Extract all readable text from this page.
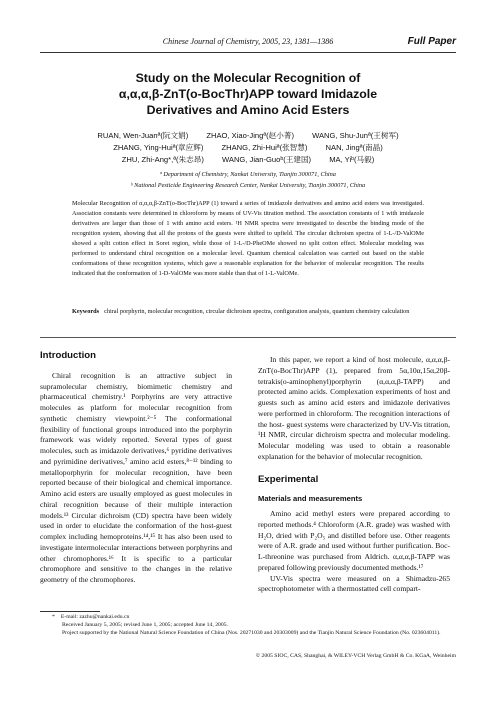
Chinese Journal of Chemistry, 2005, 23, 1381—1386	Full Paper
Study on the Molecular Recognition of
α,α,α,β-ZnT(o-BocThr)APP toward Imidazole
Derivatives and Amino Acid Esters
RUAN, Wen-Juanª(阮文娟) ZHAO, Xiao-Jingª(赵小菁) WANG, Shu-Junª(王树军)
ZHANG, Ying-Huiª(章应辉) ZHANG, Zhi-Huiª(张智慧) NAN, Jingª(南晶)
ZHU, Zhi-Ang*,ª(朱志昂) WANG, Jian-Guoᵇ(王建国) MA, Yiᵇ(马毅)
ª Department of Chemistry, Nankai University, Tianjin 300071, China
ᵇ National Pesticide Engineering Research Center, Nankai University, Tianjin 300071, China

Molecular Recognition of α,α,α,β-ZnT(o-BocThr)APP (1) toward a series of imidazole derivatives and amino acid esters was investigated. Association constants were determined in chloroform by means of UV-Vis titration method. The association constants of 1 with imidazole derivatives are larger than those of 1 with amino acid esters. ¹H NMR spectra were investigated to describe the binding mode of the recognition system, showing that all the protons of the guests were shifted to upfield. The circular dichroism spectra of 1-L-/D-ValOMe showed a split cotton effect in Soret region, while those of 1-L-/D-PheOMe showed no split cotton effect. Molecular modeling was performed to understand chiral recognition on a molecular level. Quantum chemical calculation was carried out based on the stable conformations of these recognition systems, which gave a reasonable explanation for the behavior of molecular recognition. The results indicated that the conformation of 1-D-ValOMe was more stable than that of 1-L-ValOMe.

Keywords chiral porphyrin, molecular recognition, circular dichroism spectra, configuration analysis, quantum chemistry calculation
Introduction

Chiral recognition is an attractive subject in supramolecular chemistry, biomimetic chemistry and pharmaceutical chemistry.¹ Porphyrins are very attractive molecules as platform for molecular recognition from synthetic chemistry viewpoint.²⁻⁵ The conformational flexibility of functional groups introduced into the porphyrin framework was widely reported. Several types of guest molecules, such as imidazole derivatives,⁶ pyridine derivatives and pyrimidine derivatives,⁷ amino acid esters,⁸⁻¹² binding to metalloporphyrin for molecular recognition, have been reported because of their biological and chemical importance. Amino acid esters are usually employed as guest molecules in chiral recognition because of their multiple interaction models.¹³ Circular dichroism (CD) spectra have been widely used in order to elucidate the conformation of the host-guest complex including hemoproteins.¹⁴,¹⁵ It has also been used to investigate intermolecular interactions between porphyrins and other chromophores.¹⁶ It is specific to a particular chromophore and sensitive to the changes in the relative geometry of the chromophores.

In this paper, we report a kind of host molecule, α,α,α,β-ZnT(o-BocThr)APP (1), prepared from 5α,10α,15α,20β-tetrakis(o-aminophenyl)porphyrin (α,α,α,β-TAPP) and protected amino acids. Complexation experiments of host and guests such as amino acid esters and imidazole derivatives were performed in chloroform. The recognition interactions of the host- guest systems were characterized by UV-Vis titration, ¹H NMR, circular dichroism spectra and molecular modeling. Molecular modeling was used to obtain a reasonable explanation for the behavior of molecular recognition.

Experimental
Materials and measurements

Amino acid methyl esters were prepared according to reported methods.⁴ Chloroform (A.R. grade) was washed with H₂O, dried with P₂O₅ and distilled before use. Other reagents were of A.R. grade and used without further purification. Boc-L-threonine was purchased from Aldrich. α,α,α,β-TAPP was prepared following previously documented methods.¹⁷

UV-Vis spectra were measured on a Shimadzu-265 spectrophotometer with a thermostatted cell compart-

* E-mail: zazhu@nankai.edu.cn

Received January 5, 2005; revised June 1, 2005; accepted June 14, 2005.

Project supported by the National Natural Science Foundation of China (Nos. 20271030 and 20303009) and the Tianjin Natural Science Foundation (No. 023604011).

© 2005 SIOC, CAS, Shanghai, & WILEY-VCH Verlag GmbH & Co. KGaA, Weinheim
